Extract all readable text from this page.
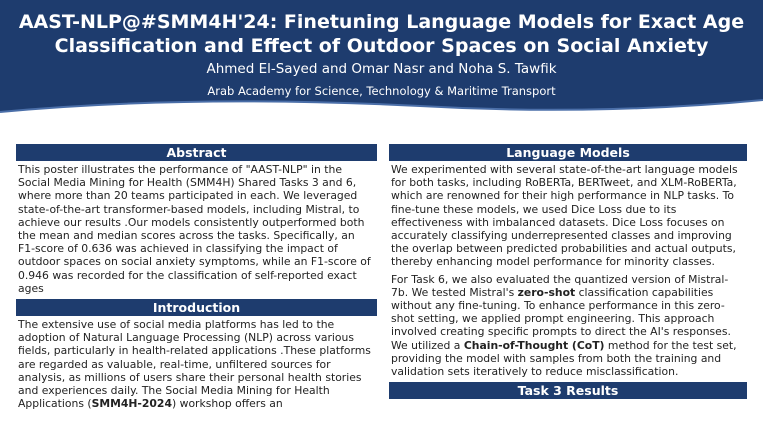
AAST-NLP@#SMM4H'24: Finetuning Language Models for Exact Age
Classification and Effect of Outdoor Spaces on Social Anxiety
Ahmed El-Sayed and Omar Nasr and Noha S. Tawfik
Arab Academy for Science, Technology & Maritime Transport
Abstract

This poster illustrates the performance of "AAST-NLP" in the Social Media Mining for Health (SMM4H) Shared Tasks 3 and 6, where more than 20 teams participated in each. We leveraged state-of-the-art transformer-based models, including Mistral, to achieve our results .Our models consistently outperformed both the mean and median scores across the tasks. Specifically, an F1-score of 0.636 was achieved in classifying the impact of outdoor spaces on social anxiety symptoms, while an F1-score of 0.946 was recorded for the classification of self-reported exact ages

Introduction

The extensive use of social media platforms has led to the adoption of Natural Language Processing (NLP) across various fields, particularly in health-related applications .These platforms are regarded as valuable, real-time, unfiltered sources for analysis, as millions of users share their personal health stories and experiences daily. The Social Media Mining for Health Applications (SMM4H-2024) workshop offers an

Language Models

We experimented with several state-of-the-art language models for both tasks, including RoBERTa, BERTweet, and XLM-RoBERTa, which are renowned for their high performance in NLP tasks. To fine-tune these models, we used Dice Loss due to its effectiveness with imbalanced datasets. Dice Loss focuses on accurately classifying underrepresented classes and improving the overlap between predicted probabilities and actual outputs, thereby enhancing model performance for minority classes.

For Task 6, we also evaluated the quantized version of Mistral-7b. We tested Mistral's zero-shot classification capabilities without any fine-tuning. To enhance performance in this zero-shot setting, we applied prompt engineering. This approach involved creating specific prompts to direct the AI's responses. We utilized a Chain-of-Thought (CoT) method for the test set, providing the model with samples from both the training and validation sets iteratively to reduce misclassification.

Task 3 Results
